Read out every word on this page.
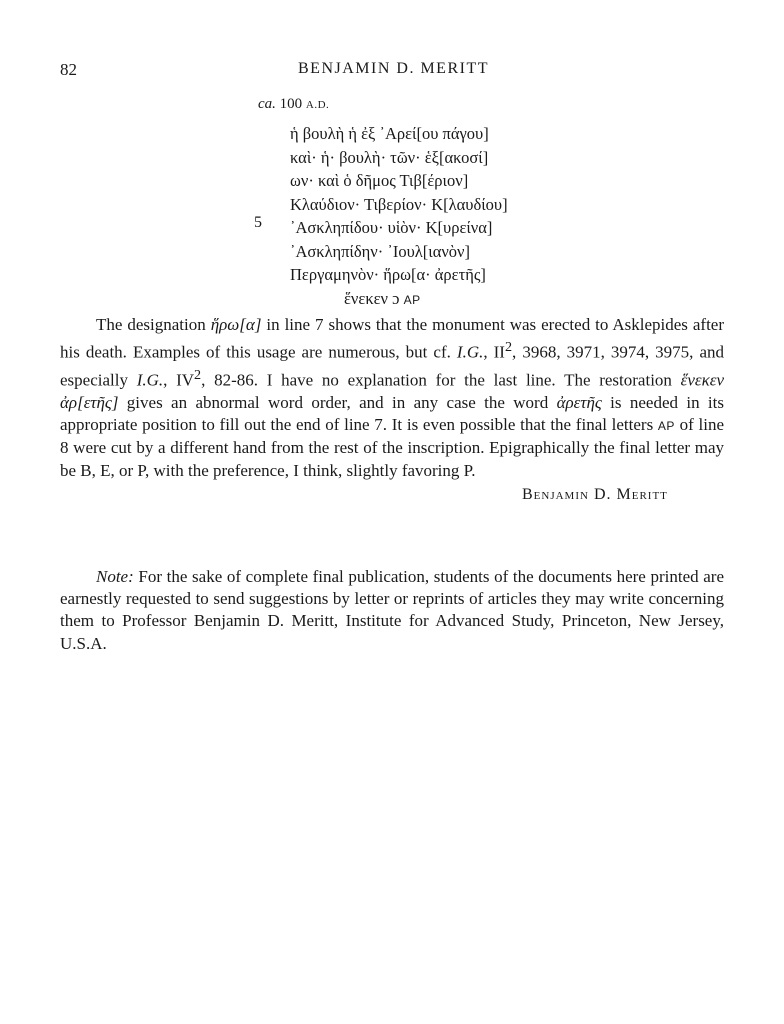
82	BENJAMIN D. MERITT
ca. 100 A.D.
5
ἡ βουλὴ ἡ ἐξ ᾽Αρεί[ου πάγου]
καὶ· ἡ· βουλὴ· τῶν· ἑξ[ακοσί]
ων· καὶ ὁ δῆμος Τιβ[έριον]
Κλαύδιον· Τιβερίον· Κ[λαυδίου]
᾽Ασκληπίδου· υἱὸν· Κ[υρείνα]
᾽Ασκληπίδην· ᾽Ιουλ[ιανὸν]
Περγαμηνὸν· ἥρω[α· ἀρετῆς]
ἕνεκεν ɔ AP

The designation ἥρω[α] in line 7 shows that the monument was erected to Asklepides after his death. Examples of this usage are numerous, but cf. I.G., $II^2$, 3968, 3971, 3974, 3975, and especially I.G., $IV^2$, 82-86. I have no explanation for the last line. The restoration ἕνεκεν ἀρ[ετῆς] gives an abnormal word order, and in any case the word ἀρετῆς is needed in its appropriate position to fill out the end of line 7. It is even possible that the final letters AP of line 8 were cut by a different hand from the rest of the inscription. Epigraphically the final letter may be B, E, or P, with the preference, I think, slightly favoring P.

Benjamin D. Meritt

Note: For the sake of complete final publication, students of the documents here printed are earnestly requested to send suggestions by letter or reprints of articles they may write concerning them to Professor Benjamin D. Meritt, Institute for Advanced Study, Princeton, New Jersey, U.S.A.
